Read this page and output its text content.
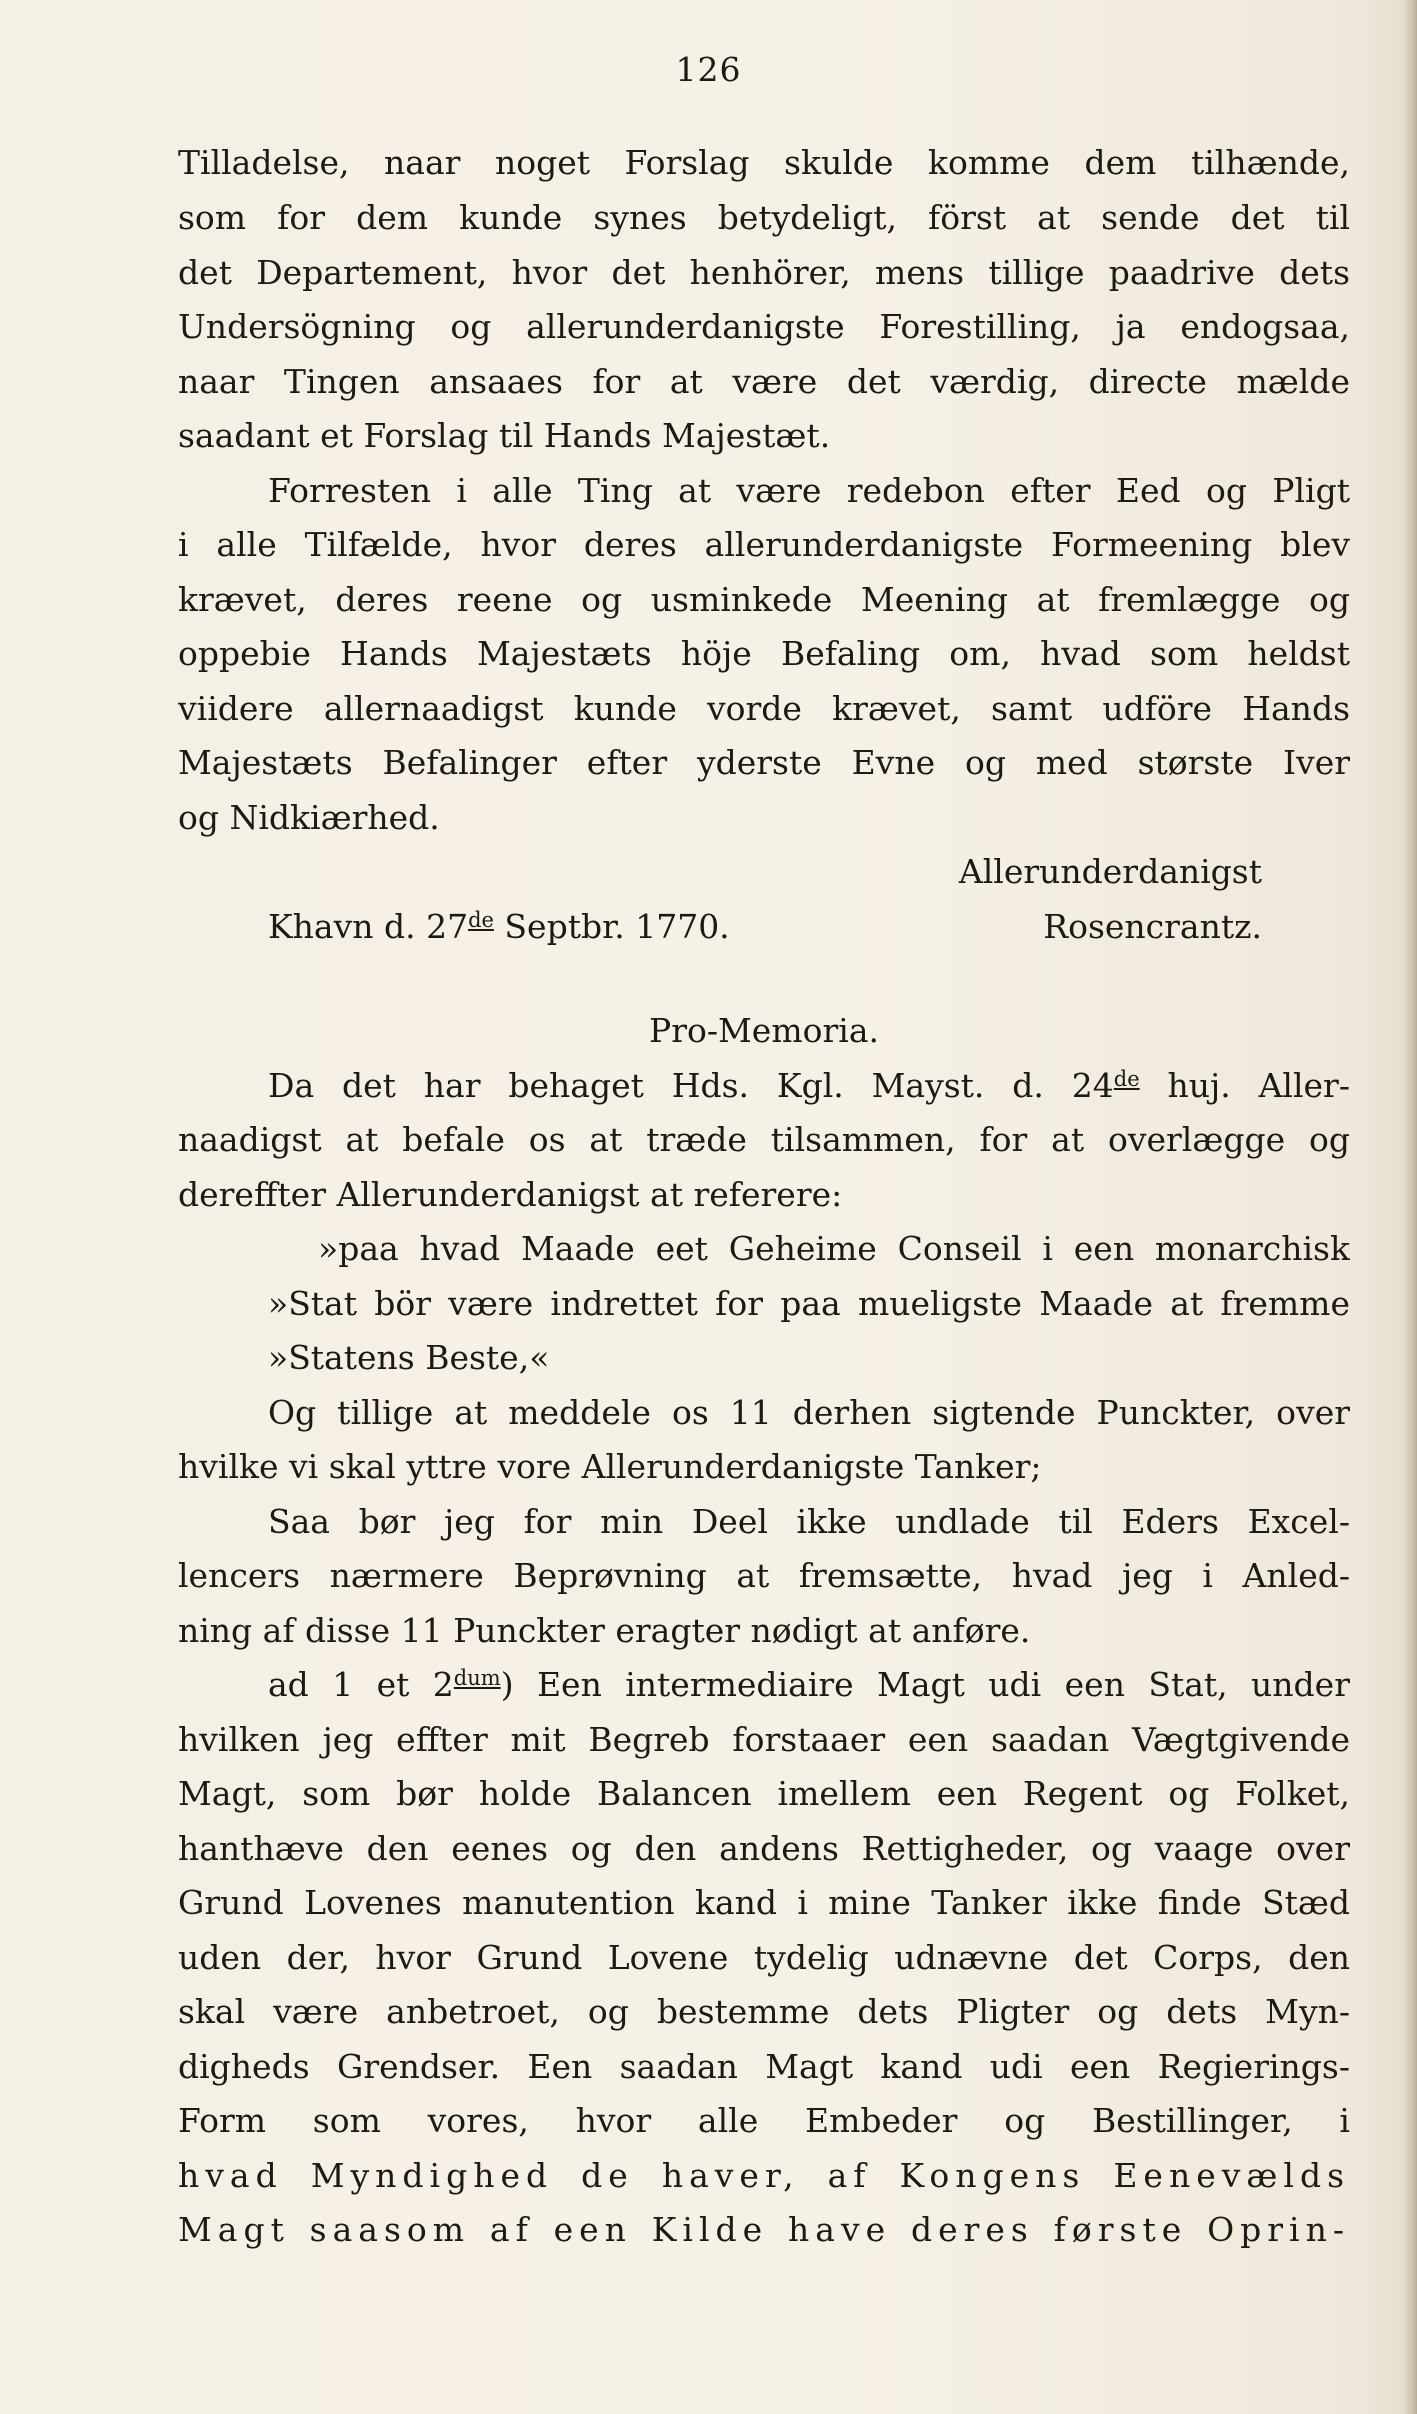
126
Tilladelse, naar noget Forslag skulde komme dem tilhænde,
som for dem kunde synes betydeligt, först at sende det til
det Departement, hvor det henhörer, mens tillige paadrive dets
Undersögning og allerunderdanigste Forestilling, ja endogsaa,
naar Tingen ansaaes for at være det værdig, directe mælde
saadant et Forslag til Hands Majestæt.
Forresten i alle Ting at være redebon efter Eed og Pligt
i alle Tilfælde, hvor deres allerunderdanigste Formeening blev
krævet, deres reene og usminkede Meening at fremlægge og
oppebie Hands Majestæts höje Befaling om, hvad som heldst
viidere allernaadigst kunde vorde krævet, samt udföre Hands
Majestæts Befalinger efter yderste Evne og med største Iver
og Nidkiærhed.
Allerunderdanigst
Khavn d. 27de Septbr. 1770.	Rosencrantz.
Pro-Memoria.
Da det har behaget Hds. Kgl. Mayst. d. 24de huj. Aller-
naadigst at befale os at træde tilsammen, for at overlægge og
dereffter Allerunderdanigst at referere:
»paa hvad Maade eet Geheime Conseil i een monarchisk
»Stat bör være indrettet for paa mueligste Maade at fremme
»Statens Beste,«
Og tillige at meddele os 11 derhen sigtende Punckter, over
hvilke vi skal yttre vore Allerunderdanigste Tanker;
Saa bør jeg for min Deel ikke undlade til Eders Excel-
lencers nærmere Beprøvning at fremsætte, hvad jeg i Anled-
ning af disse 11 Punckter eragter nødigt at anføre.
ad 1 et $2^{dum}$) Een intermediaire Magt udi een Stat, under
hvilken jeg effter mit Begreb forstaaer een saadan Vægtgivende
Magt, som bør holde Balancen imellem een Regent og Folket,
hanthæve den eenes og den andens Rettigheder, og vaage over
Grund Lovenes manutention kand i mine Tanker ikke finde Stæd
uden der, hvor Grund Lovene tydelig udnævne det Corps, den
skal være anbetroet, og bestemme dets Pligter og dets Myn-
digheds Grendser. Een saadan Magt kand udi een Regierings-
Form som vores, hvor alle Embeder og Bestillinger, i
hvad Myndighed de haver, af Kongens Eenevælds
Magt saasom af een Kilde have deres første Oprin-
